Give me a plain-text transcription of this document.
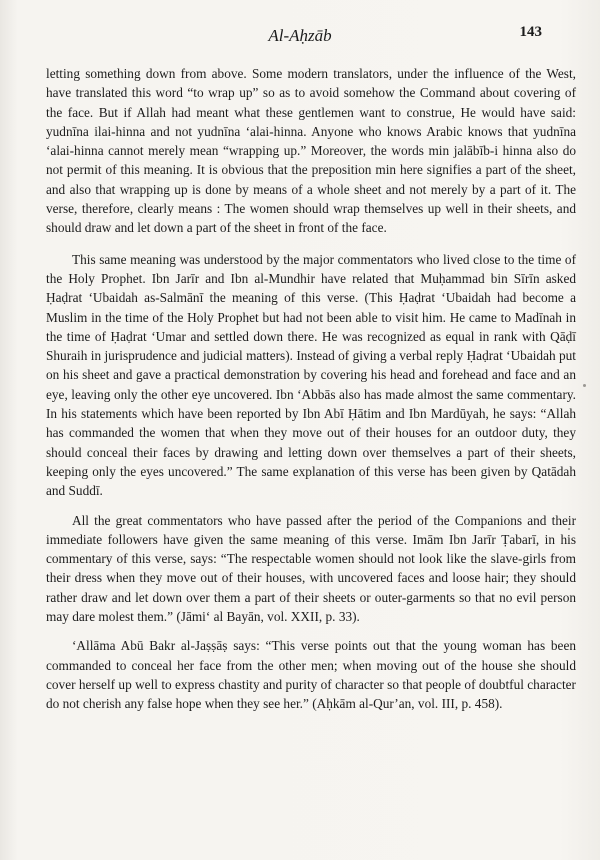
Al-Aḥzāb	143

letting something down from above. Some modern translators, under the influence of the West, have translated this word “to wrap up” so as to avoid somehow the Command about covering of the face. But if Allah had meant what these gentlemen want to construe, He would have said: yudnīna ilai-hinna and not yudnīna ‘alai-hinna. Anyone who knows Arabic knows that yudnīna ‘alai-hinna cannot merely mean “wrapping up.” Moreover, the words min jalābīb-i hinna also do not permit of this meaning. It is obvious that the preposition min here signifies a part of the sheet, and also that wrapping up is done by means of a whole sheet and not merely by a part of it. The verse, therefore, clearly means : The women should wrap themselves up well in their sheets, and should draw and let down a part of the sheet in front of the face.

This same meaning was understood by the major commentators who lived close to the time of the Holy Prophet. Ibn Jarīr and Ibn al-Mundhir have related that Muḥammad bin Sīrīn asked Ḥaḍrat ‘Ubaidah as-Salmānī the meaning of this verse. (This Ḥaḍrat ‘Ubaidah had become a Muslim in the time of the Holy Prophet but had not been able to visit him. He came to Madīnah in the time of Ḥaḍrat ‘Umar and settled down there. He was recognized as equal in rank with Qāḍī Shuraih in jurisprudence and judicial matters). Instead of giving a verbal reply Ḥaḍrat ‘Ubaidah put on his sheet and gave a practical demonstration by covering his head and forehead and face and an eye, leaving only the other eye uncovered. Ibn ‘Abbās also has made almost the same commentary. In his statements which have been reported by Ibn Abī Ḥātim and Ibn Mardūyah, he says: “Allah has commanded the women that when they move out of their houses for an outdoor duty, they should conceal their faces by drawing and letting down over themselves a part of their sheets, keeping only the eyes uncovered.” The same explanation of this verse has been given by Qatādah and Suddī.

All the great commentators who have passed after the period of the Companions and their immediate followers have given the same meaning of this verse. Imām Ibn Jarīr Ṭabarī, in his commentary of this verse, says: “The respectable women should not look like the slave-girls from their dress when they move out of their houses, with uncovered faces and loose hair; they should rather draw and let down over them a part of their sheets or outer-garments so that no evil person may dare molest them.” (Jāmi‘ al Bayān, vol. XXII, p. 33).

‘Allāma Abū Bakr al-Jaṣṣāṣ says: “This verse points out that the young woman has been commanded to conceal her face from the other men; when moving out of the house she should cover herself up well to express chastity and purity of character so that people of doubtful character do not cherish any false hope when they see her.” (Aḥkām al-Qur’an, vol. III, p. 458).
